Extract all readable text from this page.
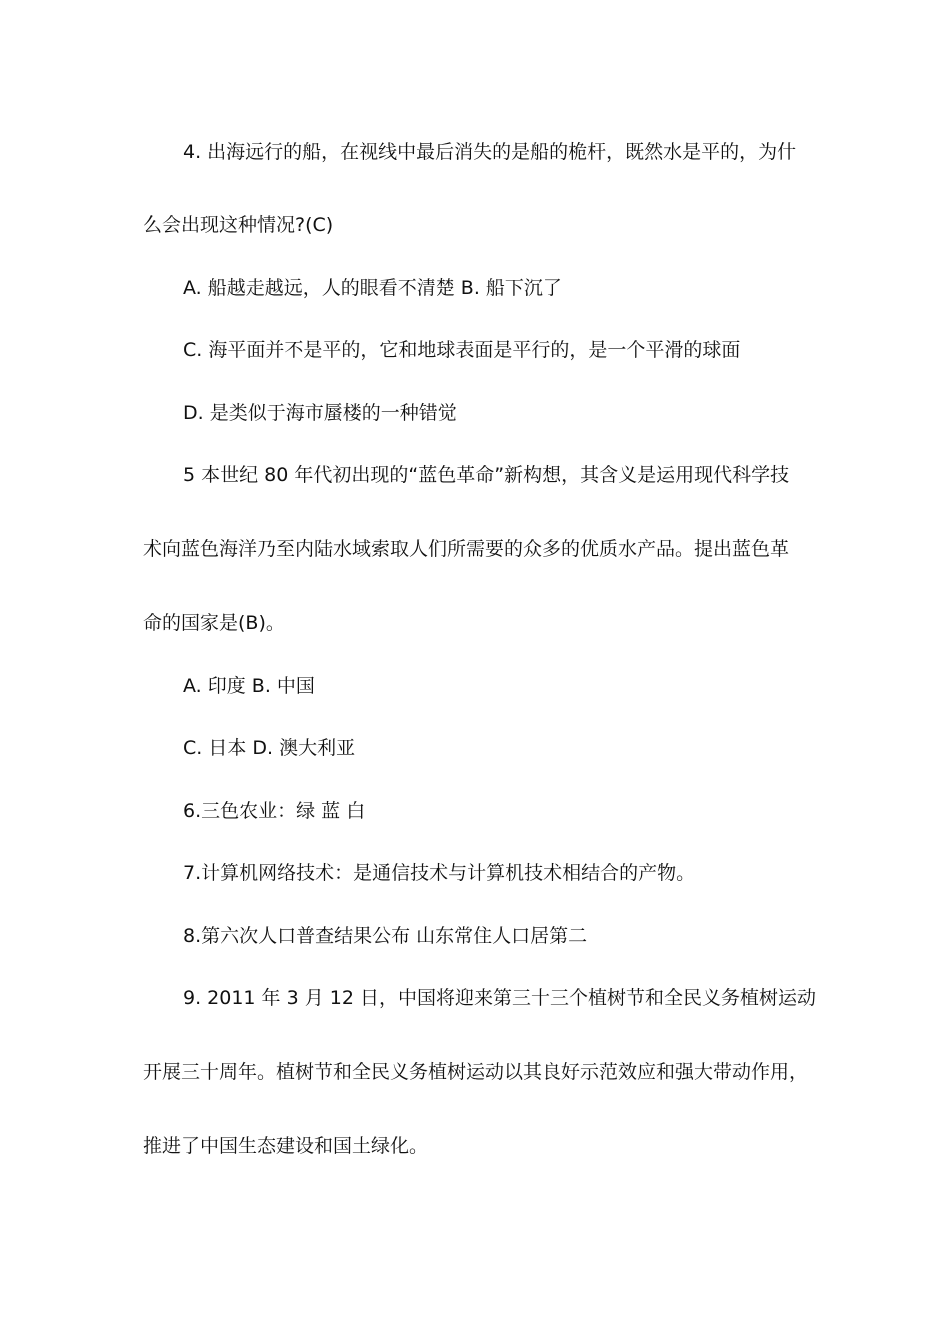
4. 出海远行的船，在视线中最后消失的是船的桅杆，既然水是平的，为什
么会出现这种情况?(C)
A. 船越走越远，人的眼看不清楚 B. 船下沉了
C. 海平面并不是平的，它和地球表面是平行的，是一个平滑的球面
D. 是类似于海市蜃楼的一种错觉
5 本世纪 80 年代初出现的“蓝色革命”新构想，其含义是运用现代科学技
术向蓝色海洋乃至内陆水域索取人们所需要的众多的优质水产品。提出蓝色革
命的国家是(B)。
A. 印度 B. 中国
C. 日本 D. 澳大利亚
6.三色农业：绿 蓝 白
7.计算机网络技术：是通信技术与计算机技术相结合的产物。
8.第六次人口普查结果公布 山东常住人口居第二
9. 2011 年 3 月 12 日，中国将迎来第三十三个植树节和全民义务植树运动
开展三十周年。植树节和全民义务植树运动以其良好示范效应和强大带动作用，
推进了中国生态建设和国土绿化。
